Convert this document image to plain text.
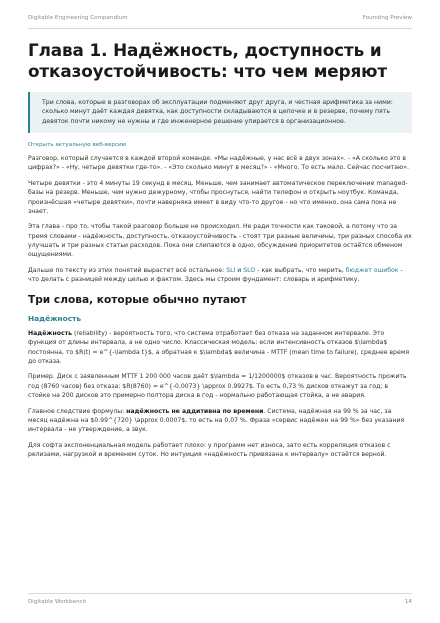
Digitable Engineering Compendium	Founding Preview
Глава 1. Надёжность, доступность и отказоустойчивость: что чем меряют
Три слова, которые в разговорах об эксплуатации подменяют друг друга, и честная арифметика за ними: сколько минут даёт каждая девятка, как доступности складываются в цепочке и в резерве, почему пять девяток почти никому не нужны и где инженерное решение упирается в организационное.
Открыть актуальную веб-версию

Разговор, который случается в каждой второй команде. «Мы надёжные, у нас всё в двух зонах». - «А сколько это в цифрах?» - «Ну, четыре девятки где-то». - «Это сколько минут в месяц?» - «Много. То есть мало. Сейчас посчитаю».

Четыре девятки - это 4 минуты 19 секунд в месяц. Меньше, чем занимает автоматическое переключение managed-базы на резерв. Меньше, чем нужно дежурному, чтобы проснуться, найти телефон и открыть ноутбук. Команда, произнёсшая «четыре девятки», почти наверняка имеет в виду что-то другое - но что именно, она сама пока не знает.

Эта глава - про то, чтобы такой разговор больше не происходил. Не ради точности как таковой, а потому что за тремя словами - надёжность, доступность, отказоустойчивость - стоят три разные величины, три разных способа их улучшать и три разных статьи расходов. Пока они слипаются в одно, обсуждение приоритетов остаётся обменом ощущениями.

Дальше по тексту из этих понятий вырастет всё остальное: SLI и SLO - как выбрать, что мерить, бюджет ошибок - что делать с разницей между целью и фактом. Здесь мы строим фундамент: словарь и арифметику.

Три слова, которые обычно путают
Надёжность

Надёжность (reliability) - вероятность того, что система отработает без отказа на заданном интервале. Это функция от длины интервала, а не одно число. Классическая модель: если интенсивность отказов $\lambda$ постоянна, то $R(t) = e^{-\lambda t}$, а обратная к $\lambda$ величина - MTTF (mean time to failure), среднее время до отказа.

Пример. Диск с заявленным MTTF 1 200 000 часов даёт $\lambda = 1/1200000$ отказов в час. Вероятность прожить год (8760 часов) без отказа: $R(8760) = e^{-0.0073} \approx 0.9927$. То есть 0,73 % дисков откажут за год; в стойке на 200 дисков это примерно полтора диска в год - нормально работающая стойка, а не авария.

Главное следствие формулы: надёжность не аддитивна по времени. Система, надёжная на 99 % за час, за месяц надёжна на $0.99^{720} \approx 0.0007$, то есть на 0,07 %. Фраза «сервис надёжен на 99 %» без указания интервала - не утверждение, а звук.

Для софта экспоненциальная модель работает плохо: у программ нет износа, зато есть корреляция отказов с релизами, нагрузкой и временем суток. Но интуиция «надёжность привязана к интервалу» остаётся верной.

Digitable Workbench	14
